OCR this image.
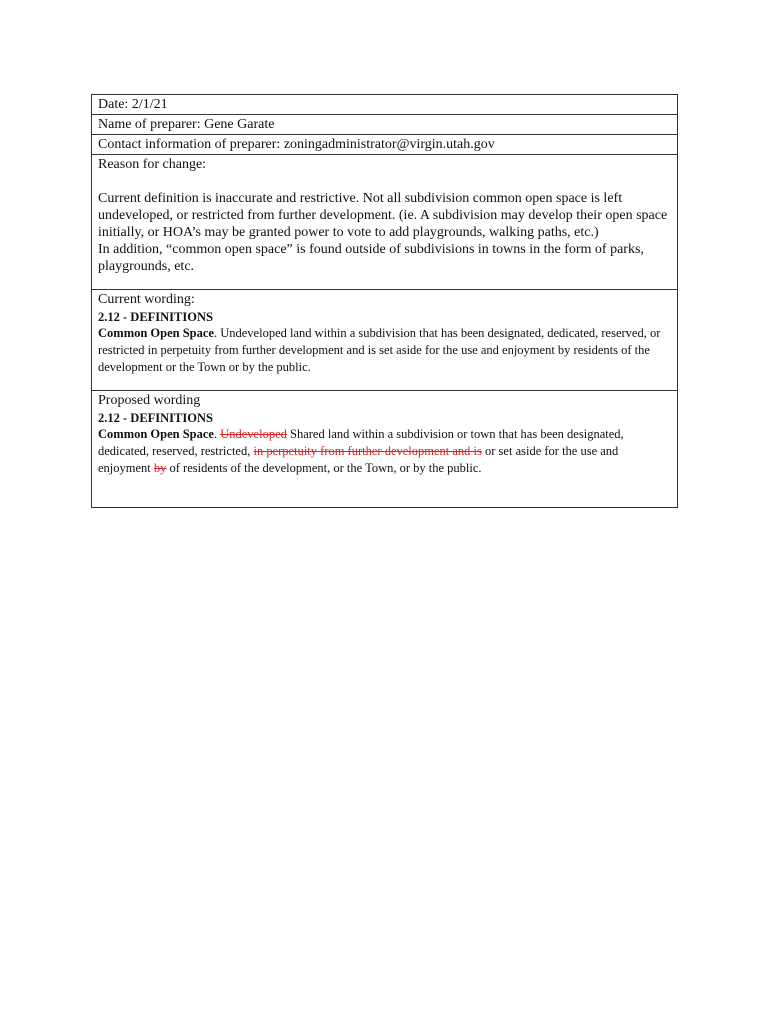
Date: 2/1/21
Name of preparer: Gene Garate
Contact information of preparer: zoningadministrator@virgin.utah.gov

Reason for change:

Current definition is inaccurate and restrictive. Not all subdivision common open space is left undeveloped, or restricted from further development. (ie. A subdivision may develop their open space initially, or HOA’s may be granted power to vote to add playgrounds, walking paths, etc.)

In addition, “common open space” is found outside of subdivisions in towns in the form of parks, playgrounds, etc.

Current wording:

2.12 - DEFINITIONS

Common Open Space. Undeveloped land within a subdivision that has been designated, dedicated, reserved, or restricted in perpetuity from further development and is set aside for the use and enjoyment by residents of the development or the Town or by the public.

Proposed wording

2.12 - DEFINITIONS

Common Open Space. Undeveloped Shared land within a subdivision or town that has been designated, dedicated, reserved, restricted, in perpetuity from further development and is or set aside for the use and enjoyment by of residents of the development, or the Town, or by the public.
